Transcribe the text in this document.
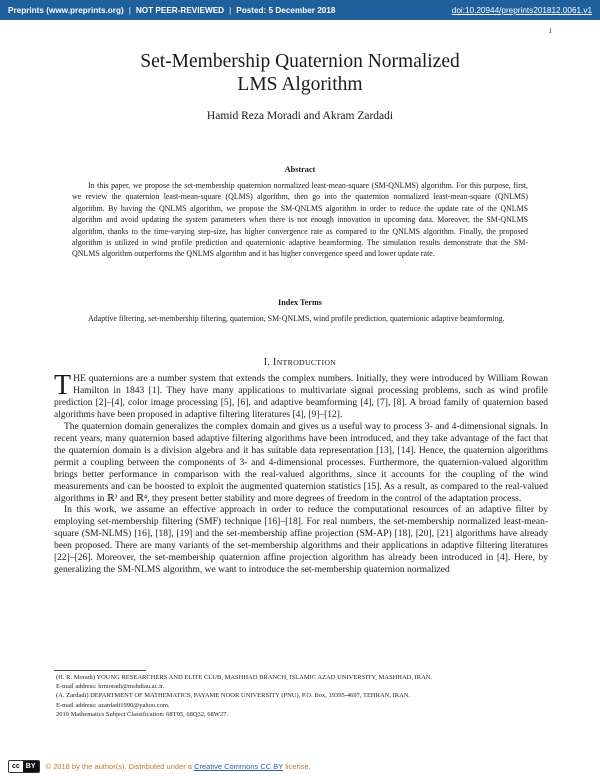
Preprints (www.preprints.org) | NOT PEER-REVIEWED | Posted: 5 December 2018	doi:10.20944/preprints201812.0061.v1
1
Set-Membership Quaternion Normalized
LMS Algorithm
Hamid Reza Moradi and Akram Zardadi
Abstract

In this paper, we propose the set-membership quaternion normalized least-mean-square (SM-QNLMS) algorithm. For this purpose, first, we review the quaternion least-mean-square (QLMS) algorithm, then go into the quaternion normalized least-mean-square (QNLMS) algorithm. By having the QNLMS algorithm, we propose the SM-QNLMS algorithm in order to reduce the update rate of the QNLMS algorithm and avoid updating the system parameters when there is not enough innovation in upcoming data. Moreover, the SM-QNLMS algorithm, thanks to the time-varying step-size, has higher convergence rate as compared to the QNLMS algorithm. Finally, the proposed algorithm is utilized in wind profile prediction and quaternionic adaptive beamforming. The simulation results demonstrate that the SM-QNLMS algorithm outperforms the QNLMS algorithm and it has higher convergence speed and lower update rate.

Index Terms

Adaptive filtering, set-membership filtering, quaternion, SM-QNLMS, wind profile prediction, quaternionic adaptive beamforming.

I. INTRODUCTION

THE quaternions are a number system that extends the complex numbers. Initially, they were introduced by William Rowan Hamilton in 1843 [1]. They have many applications to multivariate signal processing problems, such as wind profile prediction [2]–[4], color image processing [5], [6], and adaptive beamforming [4], [7], [8]. A broad family of quaternion based algorithms have been proposed in adaptive filtering literatures [4], [9]–[12].

The quaternion domain generalizes the complex domain and gives us a useful way to process 3- and 4-dimensional signals. In recent years, many quaternion based adaptive filtering algorithms have been introduced, and they take advantage of the fact that the quaternion domain is a division algebra and it has suitable data representation [13], [14]. Hence, the quaternion algorithms permit a coupling between the components of 3- and 4-dimensional processes. Furthermore, the quaternion-valued algorithm brings better performance in comparison with the real-valued algorithms, since it accounts for the coupling of the wind measurements and can be boosted to exploit the augmented quaternion statistics [15]. As a result, as compared to the real-valued algorithms in ℝ³ and ℝ⁴, they present better stability and more degrees of freedom in the control of the adaptation process.

In this work, we assume an effective approach in order to reduce the computational resources of an adaptive filter by employing set-membership filtering (SMF) technique [16]–[18]. For real numbers, the set-membership normalized least-mean-square (SM-NLMS) [16], [18], [19] and the set-membership affine projection (SM-AP) [18], [20], [21] algorithms have already been proposed. There are many variants of the set-membership algorithms and their applications in adaptive filtering literatures [22]–[26]. Moreover, the set-membership quaternion affine projection algorithm has already been introduced in [4]. Here, by generalizing the SM-NLMS algorithm, we want to introduce the set-membership quaternion normalized

(H. R. Moradi) YOUNG RESEARCHERS AND ELITE CLUB, MASHHAD BRANCH, ISLAMIC AZAD UNIVERSITY, MASHHAD, IRAN.
E-mail address: hrmoradi@mshdiau.ac.ir.
(A. Zardadi) DEPARTMENT OF MATHEMATICS, PAYAME NOOR UNIVERSITY (PNU), P.O. Box, 19395-4697, TEHRAN, IRAN.
E-mail address: azardadi1990@yahoo.com.
2010 Mathematics Subject Classification: 68T05, 68Q32, 68W27.
cc BY	© 2018 by the author(s). Distributed under a Creative Commons CC BY license.
